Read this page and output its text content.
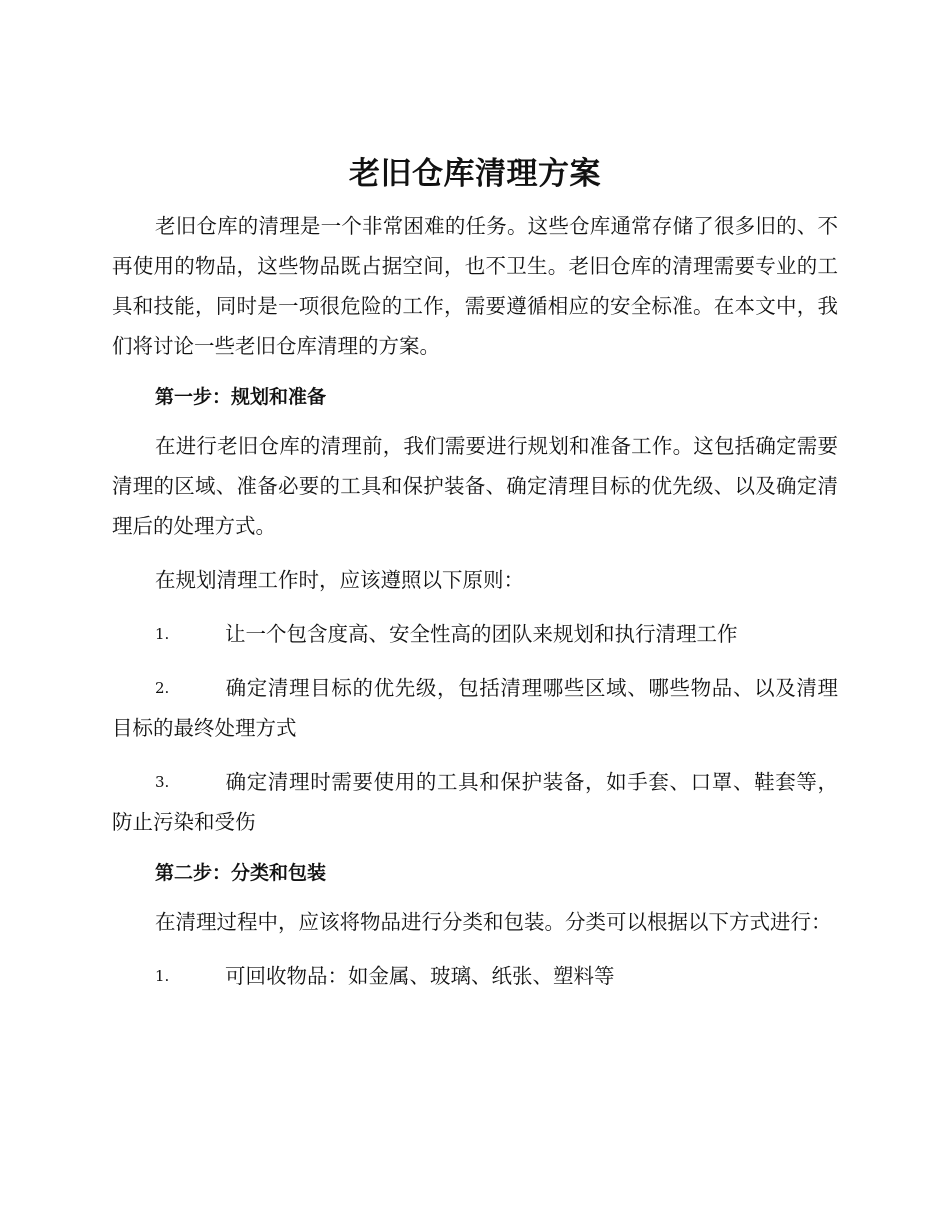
老旧仓库清理方案

老旧仓库的清理是一个非常困难的任务。这些仓库通常存储了很多旧的、不再使用的物品，这些物品既占据空间，也不卫生。老旧仓库的清理需要专业的工具和技能，同时是一项很危险的工作，需要遵循相应的安全标准。在本文中，我们将讨论一些老旧仓库清理的方案。

第一步：规划和准备

在进行老旧仓库的清理前，我们需要进行规划和准备工作。这包括确定需要清理的区域、准备必要的工具和保护装备、确定清理目标的优先级、以及确定清理后的处理方式。

在规划清理工作时，应该遵照以下原则：

1.	让一个包含度高、安全性高的团队来规划和执行清理工作

2.	确定清理目标的优先级，包括清理哪些区域、哪些物品、以及清理目标的最终处理方式

3.	确定清理时需要使用的工具和保护装备，如手套、口罩、鞋套等，防止污染和受伤

第二步：分类和包装

在清理过程中，应该将物品进行分类和包装。分类可以根据以下方式进行：

1.	可回收物品：如金属、玻璃、纸张、塑料等
